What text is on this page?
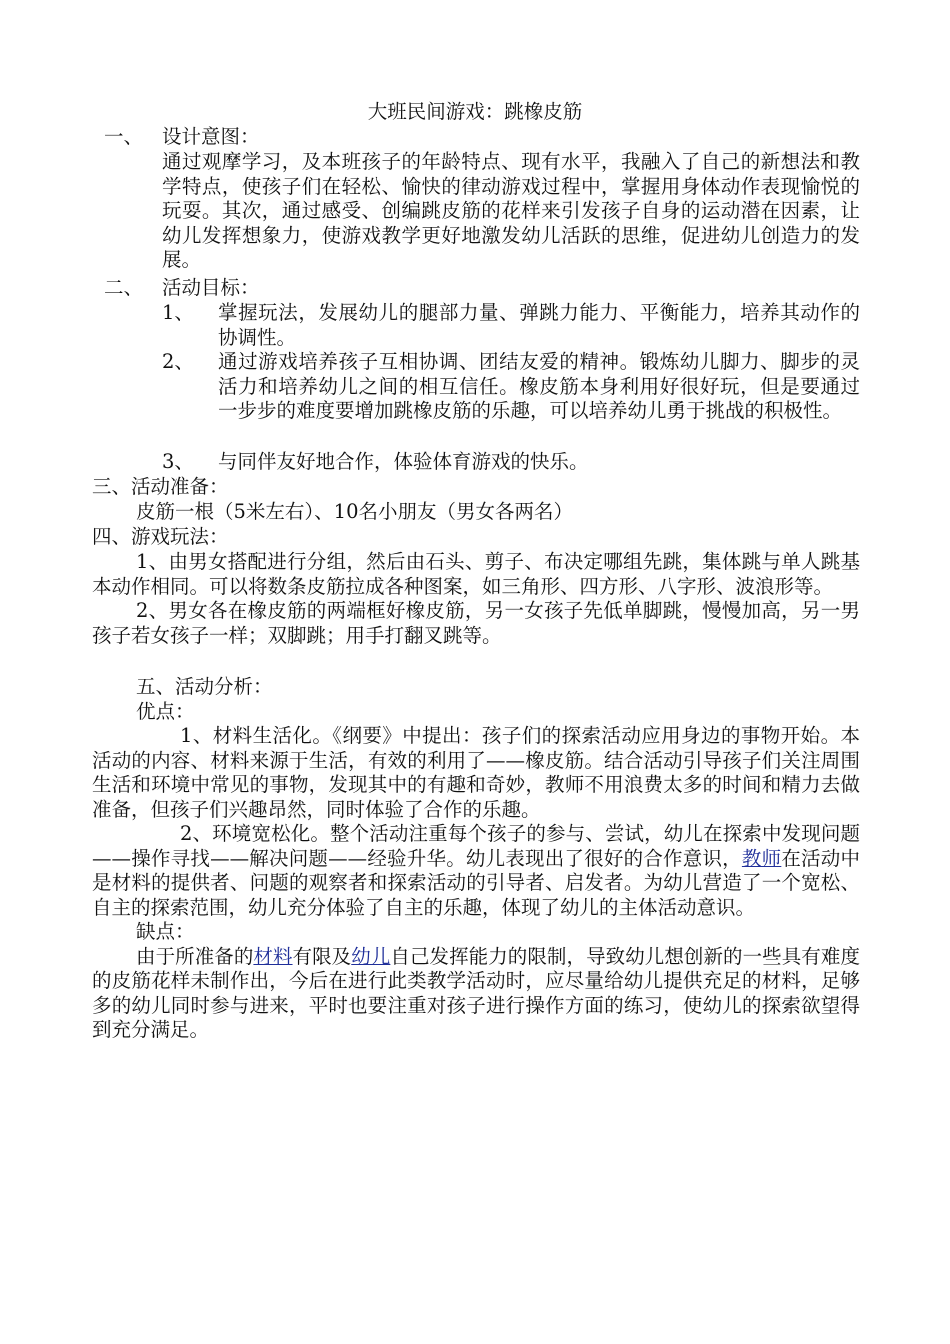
大班民间游戏：跳橡皮筋
一、 设计意图：
通过观摩学习，及本班孩子的年龄特点、现有水平，我融入了自己的新想法和教学特点，使孩子们在轻松、愉快的律动游戏过程中，掌握用身体动作表现愉悦的玩耍。其次，通过感受、创编跳皮筋的花样来引发孩子自身的运动潜在因素，让幼儿发挥想象力，使游戏教学更好地激发幼儿活跃的思维，促进幼儿创造力的发展。
二、 活动目标：
1、 掌握玩法，发展幼儿的腿部力量、弹跳力能力、平衡能力，培养其动作的协调性。
2、 通过游戏培养孩子互相协调、团结友爱的精神。锻炼幼儿脚力、脚步的灵活力和培养幼儿之间的相互信任。橡皮筋本身利用好很好玩，但是要通过一步步的难度要增加跳橡皮筋的乐趣，可以培养幼儿勇于挑战的积极性。
3、 与同伴友好地合作，体验体育游戏的快乐。
三、活动准备：
皮筋一根（5米左右）、10名小朋友（男女各两名）
四、游戏玩法：

1、由男女搭配进行分组，然后由石头、剪子、布决定哪组先跳，集体跳与单人跳基本动作相同。可以将数条皮筋拉成各种图案，如三角形、四方形、八字形、波浪形等。

2、男女各在橡皮筋的两端框好橡皮筋，另一女孩子先低单脚跳，慢慢加高，另一男孩子若女孩子一样；双脚跳；用手打翻叉跳等。

五、活动分析：
优点：

1、材料生活化。《纲要》中提出：孩子们的探索活动应用身边的事物开始。本活动的内容、材料来源于生活，有效的利用了——橡皮筋。结合活动引导孩子们关注周围生活和环境中常见的事物，发现其中的有趣和奇妙，教师不用浪费太多的时间和精力去做准备，但孩子们兴趣昂然，同时体验了合作的乐趣。

2、环境宽松化。整个活动注重每个孩子的参与、尝试，幼儿在探索中发现问题——操作寻找——解决问题——经验升华。幼儿表现出了很好的合作意识，教师在活动中是材料的提供者、问题的观察者和探索活动的引导者、启发者。为幼儿营造了一个宽松、自主的探索范围，幼儿充分体验了自主的乐趣，体现了幼儿的主体活动意识。

缺点：

由于所准备的材料有限及幼儿自己发挥能力的限制，导致幼儿想创新的一些具有难度的皮筋花样未制作出，今后在进行此类教学活动时，应尽量给幼儿提供充足的材料，足够多的幼儿同时参与进来，平时也要注重对孩子进行操作方面的练习，使幼儿的探索欲望得到充分满足。
